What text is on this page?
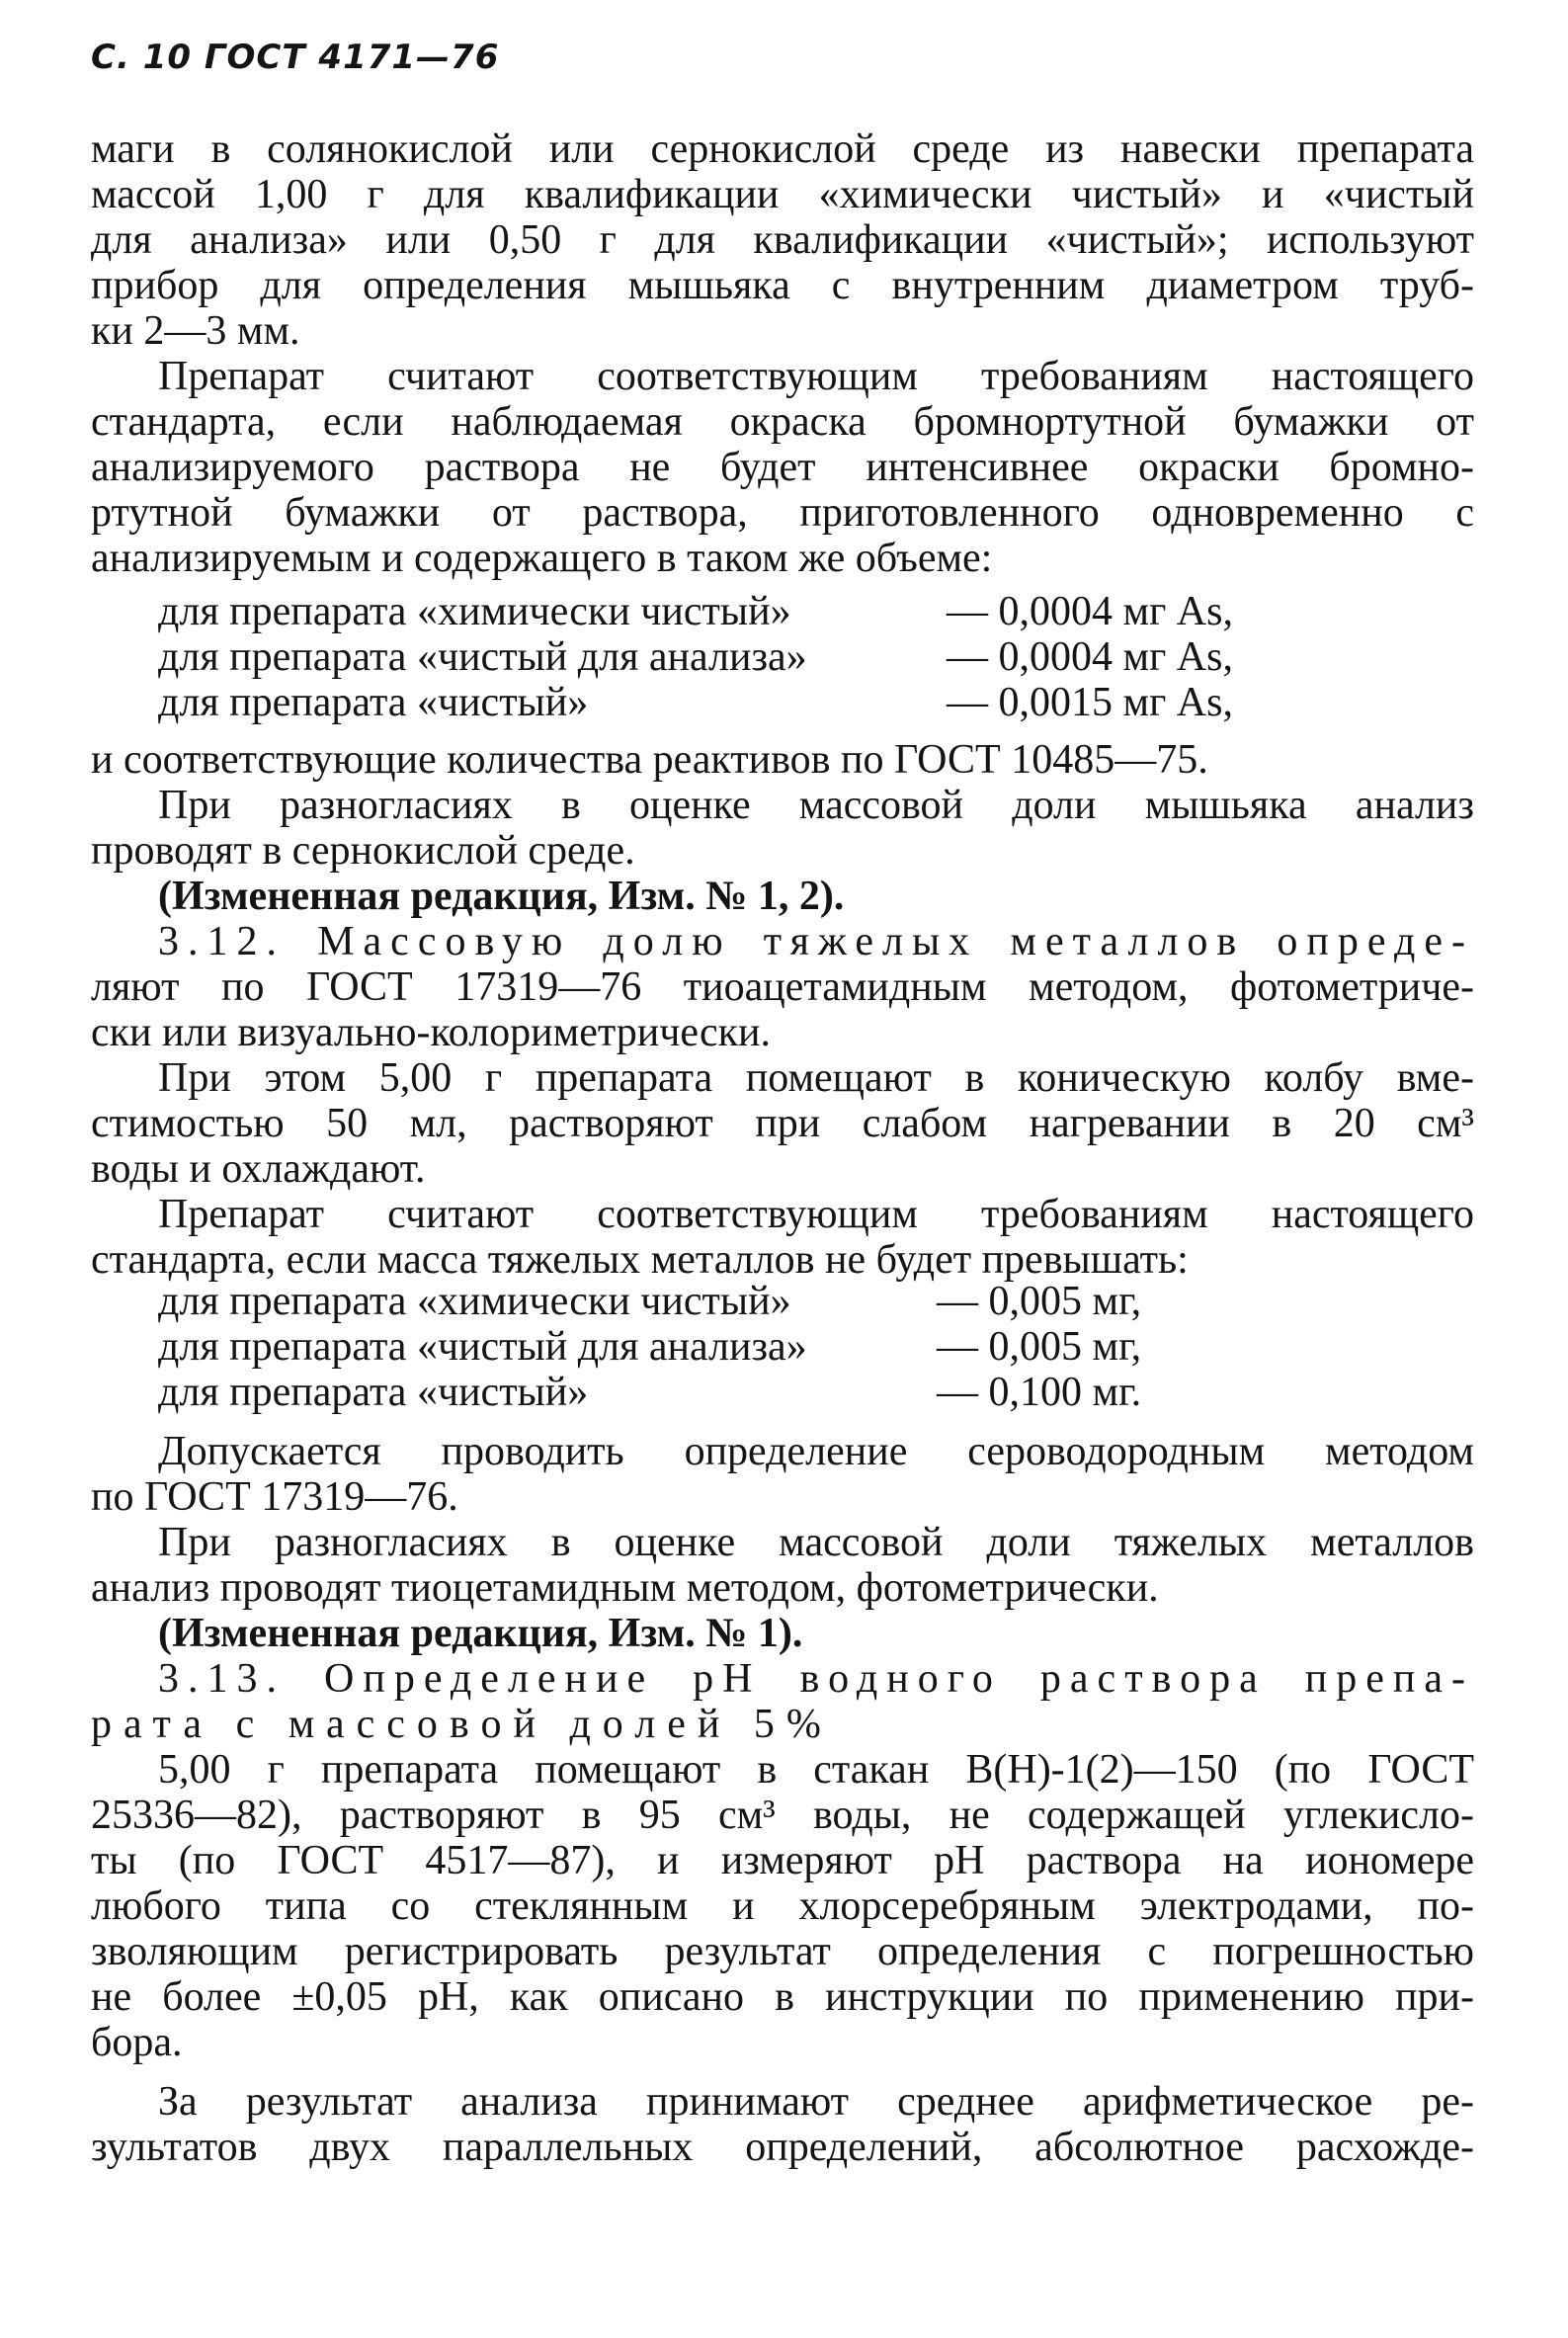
С. 10 ГОСТ 4171—76
маги в солянокислой или сернокислой среде из навески препарата
массой 1,00 г для квалификации «химически чистый» и «чистый
для анализа» или 0,50 г для квалификации «чистый»; используют
прибор для определения мышьяка с внутренним диаметром труб-
ки 2—3 мм.
Препарат считают соответствующим требованиям настоящего
стандарта, если наблюдаемая окраска бромнортутной бумажки от
анализируемого раствора не будет интенсивнее окраски бромно-
ртутной бумажки от раствора, приготовленного одновременно с
анализируемым и содержащего в таком же объеме:
для препарата «химически чистый»	— 0,0004 мг As,
для препарата «чистый для анализа»	— 0,0004 мг As,
для препарата «чистый»	— 0,0015 мг As,
и соответствующие количества реактивов по ГОСТ 10485—75.
При разногласиях в оценке массовой доли мышьяка анализ
проводят в сернокислой среде.
(Измененная редакция, Изм. № 1, 2).
3.12. Массовую долю тяжелых металлов опреде-
ляют по ГОСТ 17319—76 тиоацетамидным методом, фотометриче-
ски или визуально-колориметрически.
При этом 5,00 г препарата помещают в коническую колбу вме-
стимостью 50 мл, растворяют при слабом нагревании в 20 см³
воды и охлаждают.
Препарат считают соответствующим требованиям настоящего
стандарта, если масса тяжелых металлов не будет превышать:
для препарата «химически чистый»	— 0,005 мг,
для препарата «чистый для анализа»	— 0,005 мг,
для препарата «чистый»	— 0,100 мг.
Допускается проводить определение сероводородным методом
по ГОСТ 17319—76.
При разногласиях в оценке массовой доли тяжелых металлов
анализ проводят тиоцетамидным методом, фотометрически.
(Измененная редакция, Изм. № 1).
3.13. Определение pH водного раствора препа-
рата с массовой долей 5%
5,00 г препарата помещают в стакан В(Н)-1(2)—150 (по ГОСТ
25336—82), растворяют в 95 см³ воды, не содержащей углекисло-
ты (по ГОСТ 4517—87), и измеряют pH раствора на иономере
любого типа со стеклянным и хлорсеребряным электродами, по-
зволяющим регистрировать результат определения с погрешностью
не более ±0,05 pH, как описано в инструкции по применению при-
бора.
За результат анализа принимают среднее арифметическое ре-
зультатов двух параллельных определений, абсолютное расхожде-
